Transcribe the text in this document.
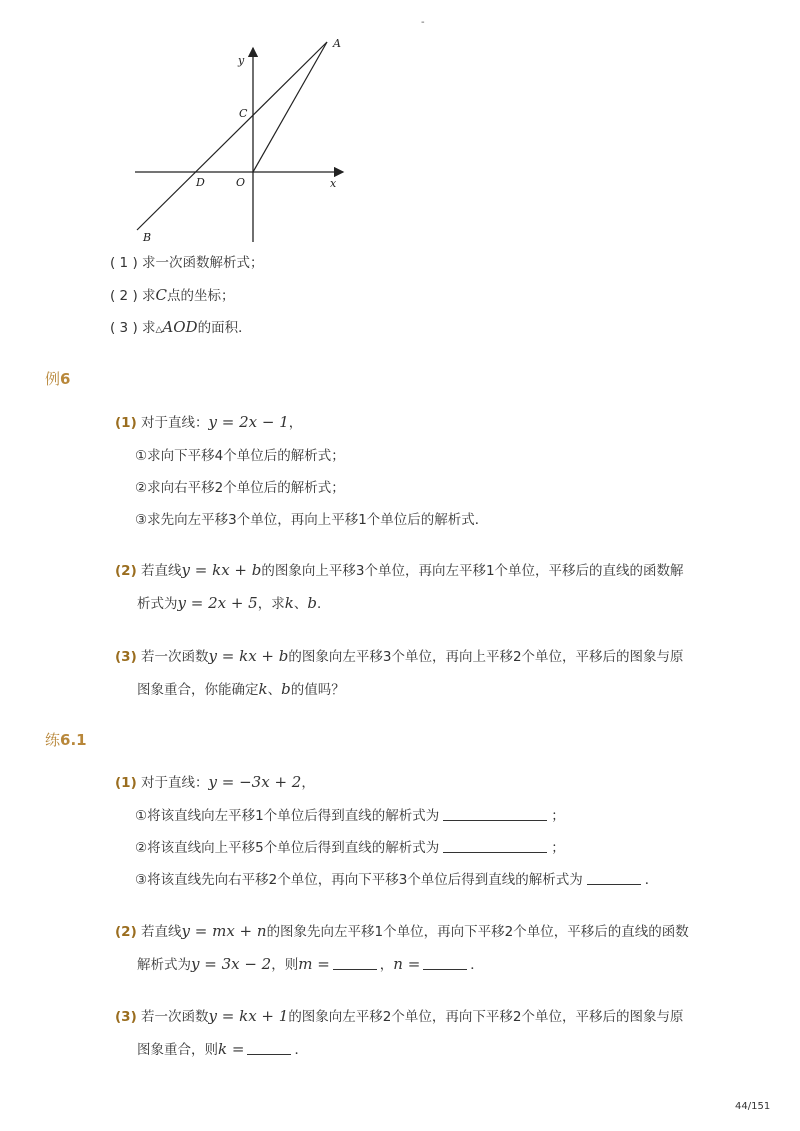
-
y
x
A
B
C
D	O
( 1 ) 求一次函数解析式；
( 2 ) 求C点的坐标；
( 3 ) 求△AOD的面积．
例6
(1) 对于直线：y = 2x − 1，
①求向下平移4个单位后的解析式；
②求向右平移2个单位后的解析式；
③求先向左平移3个单位，再向上平移1个单位后的解析式．
(2) 若直线y = kx + b的图象向上平移3个单位，再向左平移1个单位，平移后的直线的函数解
析式为y = 2x + 5，求k、b．
(3) 若一次函数y = kx + b的图象向左平移3个单位，再向上平移2个单位，平移后的图象与原
图象重合，你能确定k、b的值吗？
练6.1
(1) 对于直线：y = −3x + 2，
①将该直线向左平移1个单位后得到直线的解析式为	；
②将该直线向上平移5个单位后得到直线的解析式为	；
③将该直线先向右平移2个单位，再向下平移3个单位后得到直线的解析式为	．
(2) 若直线y = mx + n的图象先向左平移1个单位，再向下平移2个单位，平移后的直线的函数
解析式为y = 3x − 2，则m =	，n =	．
(3) 若一次函数y = kx + 1的图象向左平移2个单位，再向下平移2个单位，平移后的图象与原
图象重合，则k =	．
44/151
